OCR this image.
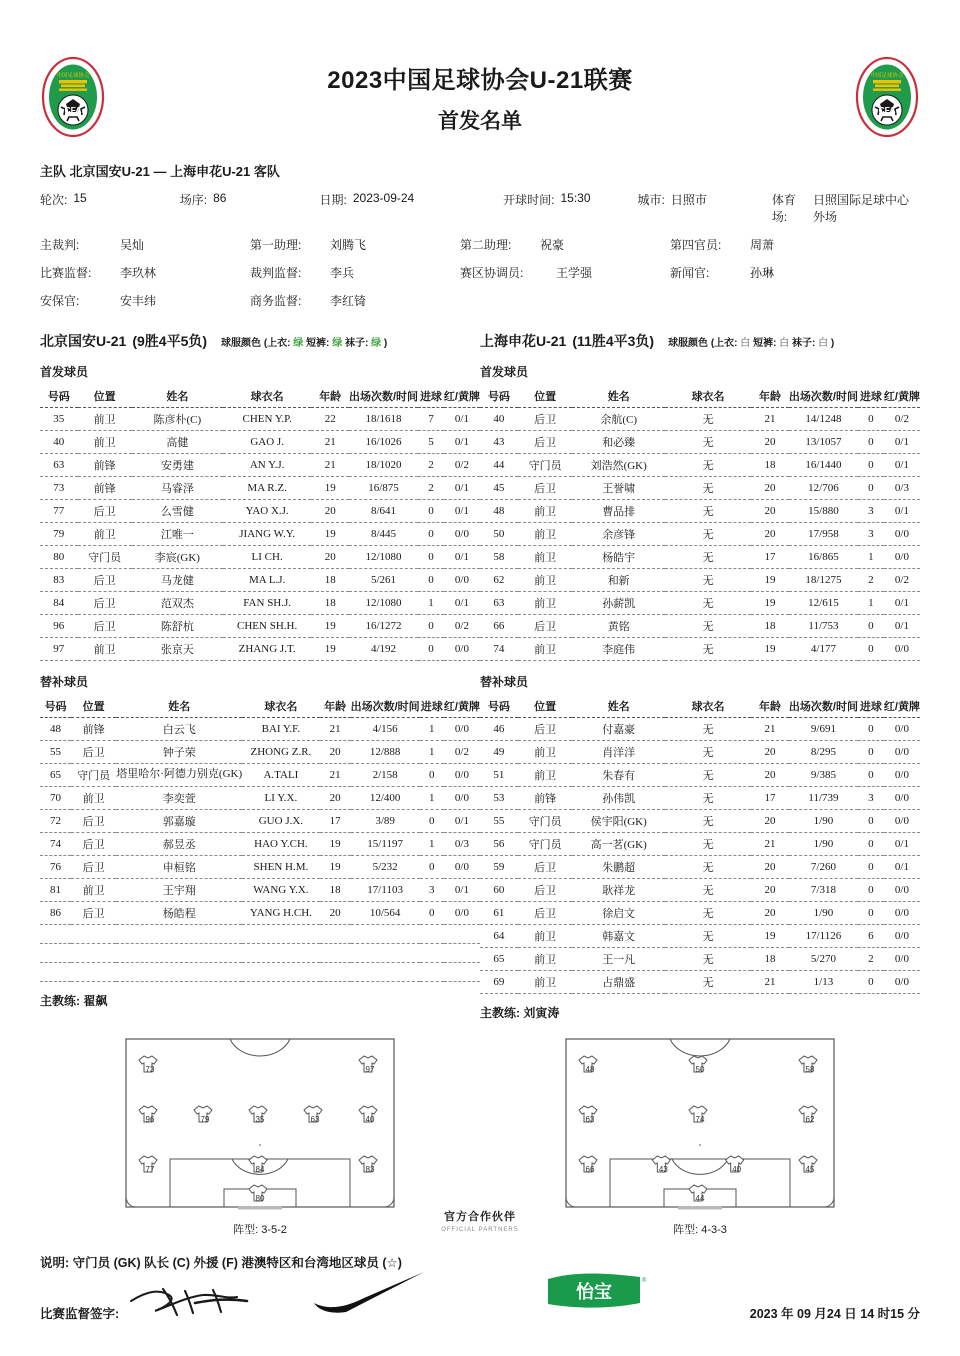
中国足球协会
CFA
2023中国足球协会U-21联赛
首发名单
中国足球协会
CFA
主队 北京国安U-21 — 上海申花U-21 客队
轮次: 15	场序: 86	日期: 2023-09-24	开球时间: 15:30	城市: 日照市	体育场:
日照国际足球中心外场
主裁判:	吴灿	第一助理:	刘腾飞	第二助理:	祝豪	第四官员:	周萧
比赛监督:	李玖林	裁判监督:	李兵	赛区协调员:	王学强	新闻官:	孙琳
安保官:	安丰纬	商务监督:	李红锜
北京国安U-21 (9胜4平5负) 球服颜色 (上衣: 绿 短裤: 绿 袜子: 绿 )
首发球员
号码	位置	姓名	球衣名	年龄	出场次数/时间	进球	红/黄牌
35	前卫	陈彦朴(C)	CHEN Y.P.	22	18/1618	7	0/1
40	前卫	高健	GAO J.	21	16/1026	5	0/1
63	前锋	安勇建	AN Y.J.	21	18/1020	2	0/2
73	前锋	马睿泽	MA R.Z.	19	16/875	2	0/1
77	后卫	么雪健	YAO X.J.	20	8/641	0	0/1
79	前卫	江唯一	JIANG W.Y.	19	8/445	0	0/0
80	守门员	李宸(GK)	LI CH.	20	12/1080	0	0/1
83	后卫	马龙健	MA L.J.	18	5/261	0	0/0
84	后卫	范双杰	FAN SH.J.	18	12/1080	1	0/1
96	后卫	陈舒杭	CHEN SH.H.	19	16/1272	0	0/2
97	前卫	张京天	ZHANG J.T.	19	4/192	0	0/0
替补球员
号码	位置	姓名	球衣名	年龄	出场次数/时间	进球	红/黄牌
48	前锋	白云飞	BAI Y.F.	21	4/156	1	0/0
55	后卫	钟子荣	ZHONG Z.R.	20	12/888	1	0/2
65	守门员	塔里哈尔·阿德力别克(GK)	A.TALI	21	2/158	0	0/0
70	前卫	李奕萱	LI Y.X.	20	12/400	1	0/0
72	后卫	郭嘉璇	GUO J.X.	17	3/89	0	0/1
74	后卫	郝昱丞	HAO Y.CH.	19	15/1197	1	0/3
76	后卫	申桓铭	SHEN H.M.	19	5/232	0	0/0
81	前卫	王宇翔	WANG Y.X.	18	17/1103	3	0/1
86	后卫	杨皓程	YANG H.CH.	20	10/564	0	0/0

主教练: 翟飙
上海申花U-21 (11胜4平3负) 球服颜色 (上衣: 白 短裤: 白 袜子: 白 )
首发球员
号码	位置	姓名	球衣名	年龄	出场次数/时间	进球	红/黄牌
40	后卫	余航(C)	无	21	14/1248	0	0/2
43	后卫	和必臻	无	20	13/1057	0	0/1
44	守门员	刘浩然(GK)	无	18	16/1440	0	0/1
45	后卫	王誉啸	无	20	12/706	0	0/3
48	前卫	曹品排	无	20	15/880	3	0/1
50	前卫	余彦锋	无	20	17/958	3	0/0
58	前卫	杨皓宇	无	17	16/865	1	0/0
62	前卫	和新	无	19	18/1275	2	0/2
63	前卫	孙薪凯	无	19	12/615	1	0/1
66	后卫	黄铭	无	18	11/753	0	0/1
74	前卫	李庭伟	无	19	4/177	0	0/0
替补球员
号码	位置	姓名	球衣名	年龄	出场次数/时间	进球	红/黄牌
46	后卫	付嘉豪	无	21	9/691	0	0/0
49	前卫	肖洋洋	无	20	8/295	0	0/0
51	前卫	朱春有	无	20	9/385	0	0/0
53	前锋	孙伟凯	无	17	11/739	3	0/0
55	守门员	侯宇阳(GK)	无	20	1/90	0	0/0
56	守门员	高一茗(GK)	无	21	1/90	0	0/1
59	后卫	朱鹏超	无	20	7/260	0	0/1
60	后卫	耿祥龙	无	20	7/318	0	0/0
61	后卫	徐启文	无	20	1/90	0	0/0
64	前卫	韩嘉文	无	19	17/1126	6	0/0
65	前卫	王一凡	无	18	5/270	2	0/0
69	前卫	占鼎盛	无	21	1/13	0	0/0
主教练: 刘寅涛
73	97
96	79	35	63	40
77	84	83
80
阵型: 3-5-2
48	50	58
63	74	62
66	43	40	45
44
阵型: 4-3-3
说明: 守门员 (GK) 队长 (C) 外援 (F) 港澳特区和台湾地区球员 (☆)
比赛监督签字:	2023 年 09 月24 日 14 时15 分
官方合作伙伴
OFFICIAL PARTNERS
怡宝
®
